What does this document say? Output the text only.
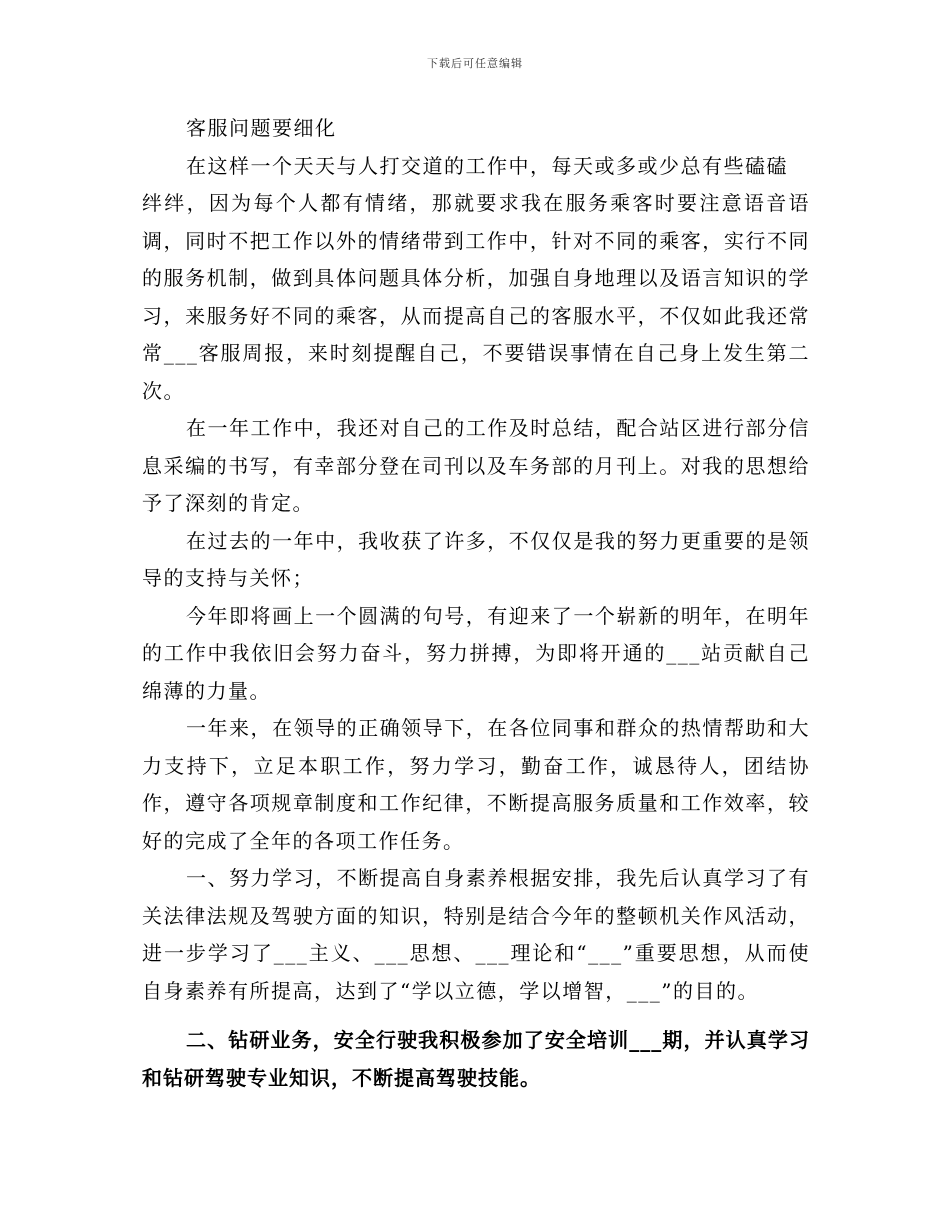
下载后可任意编辑

客服问题要细化

在这样一个天天与人打交道的工作中，每天或多或少总有些磕磕

绊绊，因为每个人都有情绪，那就要求我在服务乘客时要注意语音语调，同时不把工作以外的情绪带到工作中，针对不同的乘客，实行不同的服务机制，做到具体问题具体分析，加强自身地理以及语言知识的学习，来服务好不同的乘客，从而提高自己的客服水平，不仅如此我还常常___客服周报，来时刻提醒自己，不要错误事情在自己身上发生第二次。

在一年工作中，我还对自己的工作及时总结，配合站区进行部分信息采编的书写，有幸部分登在司刊以及车务部的月刊上。对我的思想给予了深刻的肯定。

在过去的一年中，我收获了许多，不仅仅是我的努力更重要的是领导的支持与关怀；

今年即将画上一个圆满的句号，有迎来了一个崭新的明年，在明年的工作中我依旧会努力奋斗，努力拼搏，为即将开通的___站贡献自己绵薄的力量。

一年来，在领导的正确领导下，在各位同事和群众的热情帮助和大力支持下，立足本职工作，努力学习，勤奋工作，诚恳待人，团结协作，遵守各项规章制度和工作纪律，不断提高服务质量和工作效率，较好的完成了全年的各项工作任务。

一、努力学习，不断提高自身素养根据安排，我先后认真学习了有关法律法规及驾驶方面的知识，特别是结合今年的整顿机关作风活动，进一步学习了___主义、___思想、___理论和“___”重要思想，从而使自身素养有所提高，达到了“学以立德，学以增智，___”的目的。

二、钻研业务，安全行驶我积极参加了安全培训___期，并认真学习和钻研驾驶专业知识，不断提高驾驶技能。
